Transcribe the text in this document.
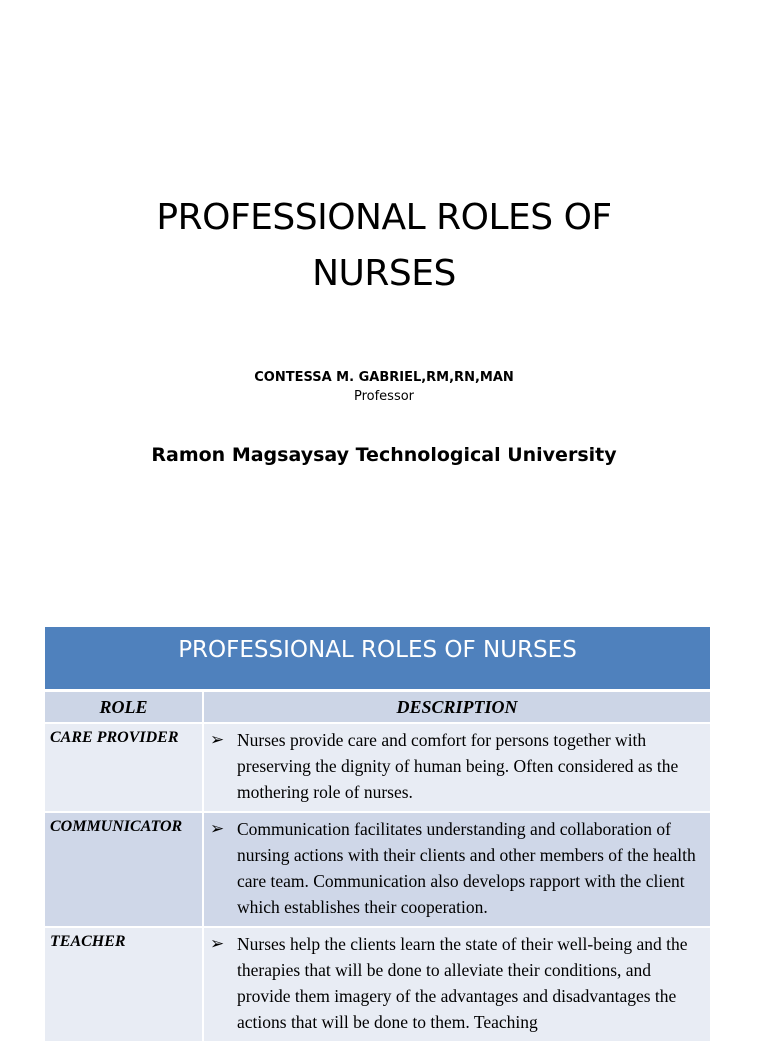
PROFESSIONAL ROLES OF
NURSES
CONTESSA M. GABRIEL,RM,RN,MAN
Professor
Ramon Magsaysay Technological University
PROFESSIONAL ROLES OF NURSES
ROLE	DESCRIPTION
CARE PROVIDER	➢ Nurses provide care and comfort for persons together with preserving the dignity of human being. Often considered as the mothering role of nurses.

COMMUNICATOR	➢ Communication facilitates understanding and collaboration of nursing actions with their clients and other members of the health care team. Communication also develops rapport with the client which establishes their cooperation.

TEACHER	➢ Nurses help the clients learn the state of their well-being and the therapies that will be done to alleviate their conditions, and provide them imagery of the advantages and disadvantages the actions that will be done to them. Teaching
